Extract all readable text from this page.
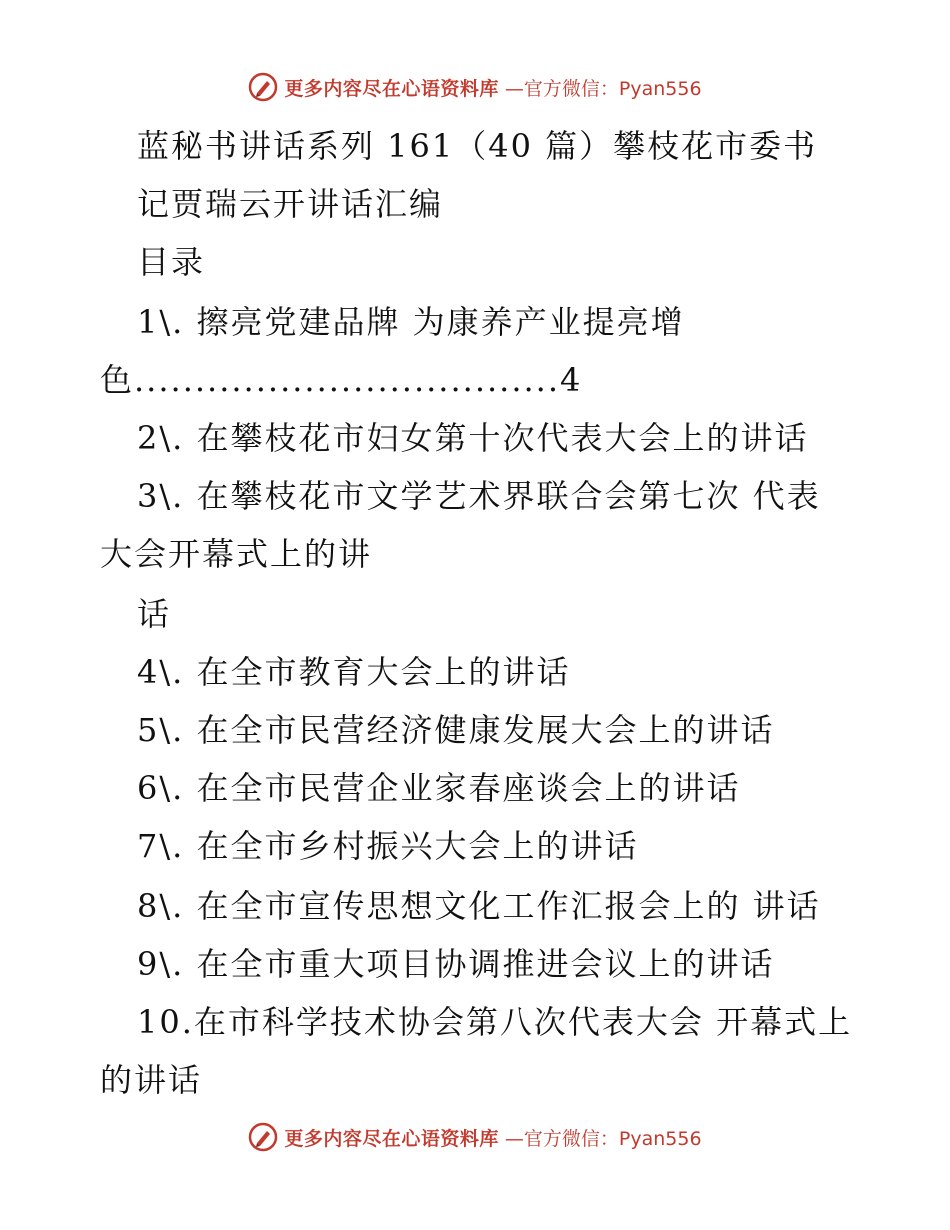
更多内容尽在心语资料库 —官方微信：Pyan556
蓝秘书讲话系列 161（40 篇）攀枝花市委书
记贾瑞云开讲话汇编
目录
1\. 擦亮党建品牌 为康养产业提亮增
色...................................4
2\. 在攀枝花市妇女第十次代表大会上的讲话
3\. 在攀枝花市文学艺术界联合会第七次 代表
大会开幕式上的讲
话
4\. 在全市教育大会上的讲话
5\. 在全市民营经济健康发展大会上的讲话
6\. 在全市民营企业家春座谈会上的讲话
7\. 在全市乡村振兴大会上的讲话
8\. 在全市宣传思想文化工作汇报会上的 讲话
9\. 在全市重大项目协调推进会议上的讲话
10.在市科学技术协会第八次代表大会 开幕式上
的讲话
更多内容尽在心语资料库 —官方微信：Pyan556
